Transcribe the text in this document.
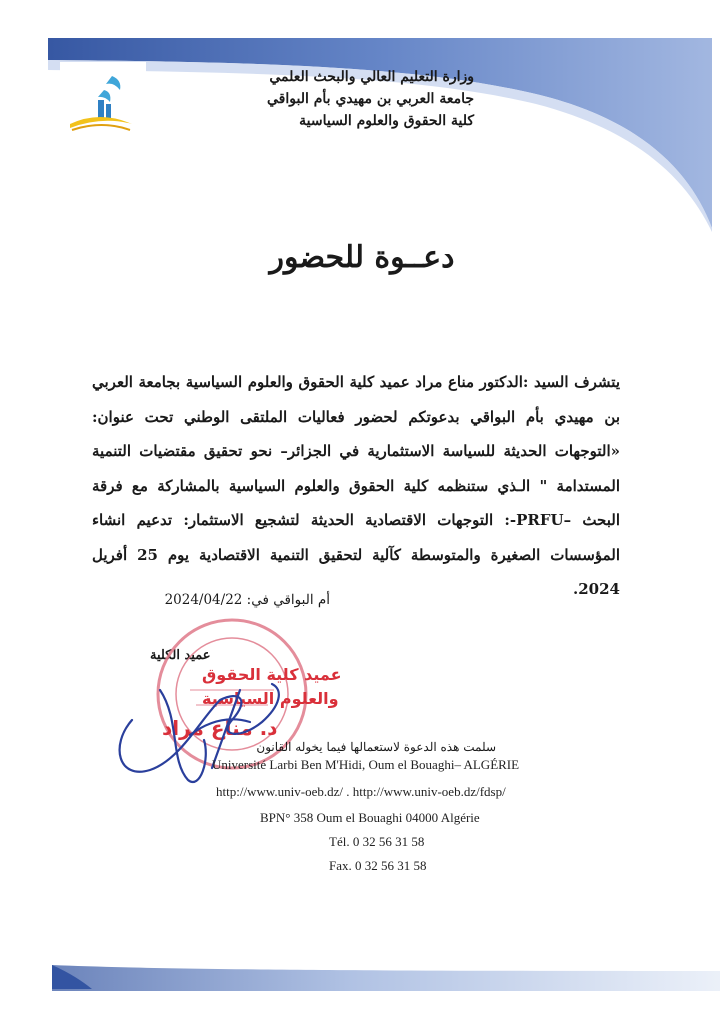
وزارة التعليم العالي والبحث العلمي
جامعة العربي بن مهيدي بأم البواقي
كلية الحقوق والعلوم السياسية
دعــوة للحضور
يتشرف السيد :الدكتور مناع مراد عميد كلية الحقوق والعلوم السياسية بجامعة العربي بن مهيدي بأم البواقي بدعوتكم لحضور فعاليات الملتقى الوطني تحت عنوان: «التوجهات الحديثة للسياسة الاستثمارية في الجزائر– نحو تحقيق مقتضيات التنمية المستدامة " الـذي ستنظمه كلية الحقوق والعلوم السياسية بالمشاركة مع فرقة البحث –PRFU-: التوجهات الاقتصادية الحديثة لتشجيع الاستثمار: تدعيم انشاء المؤسسات الصغيرة والمتوسطة كآلية لتحقيق التنمية الاقتصادية يوم 25 أفريل 2024.
أم البواقي في: 2024/04/22
عميد الكلية
عميد كلية الحقوق
والعلوم السياسية
د. مناع مراد
سلمت هذه الدعوة لاستعمالها فيما يخوله القانون
Université Larbi Ben M'Hidi, Oum el Bouaghi– ALGÉRIE
http://www.univ-oeb.dz/ . http://www.univ-oeb.dz/fdsp/
BPN° 358 Oum el Bouaghi 04000 Algérie
Tél. 0 32 56 31 58
Fax. 0 32 56 31 58
